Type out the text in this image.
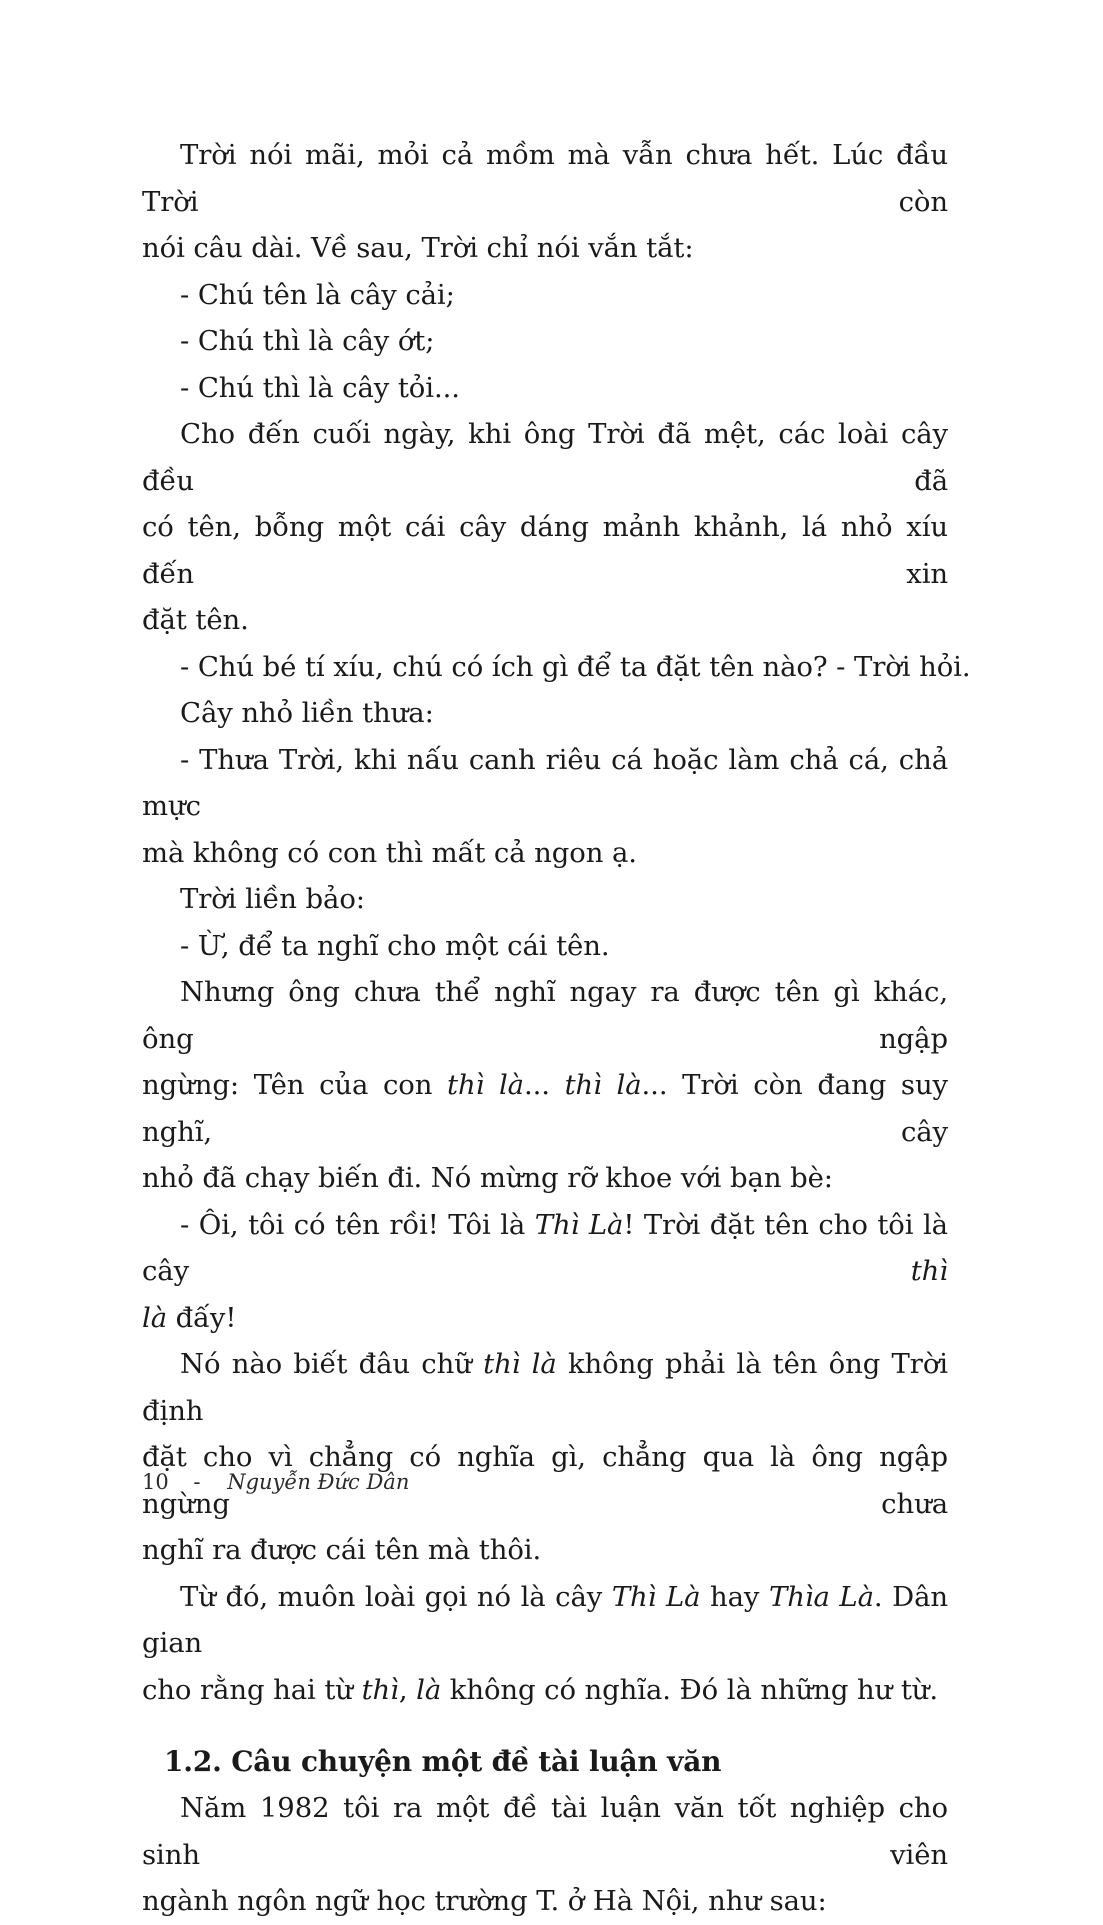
Trời nói mãi, mỏi cả mồm mà vẫn chưa hết. Lúc đầu Trời còn
nói câu dài. Về sau, Trời chỉ nói vắn tắt:

- Chú tên là cây cải;

- Chú thì là cây ớt;

- Chú thì là cây tỏi...

Cho đến cuối ngày, khi ông Trời đã mệt, các loài cây đều đã
có tên, bỗng một cái cây dáng mảnh khảnh, lá nhỏ xíu đến xin
đặt tên.

- Chú bé tí xíu, chú có ích gì để ta đặt tên nào? - Trời hỏi.

Cây nhỏ liền thưa:

- Thưa Trời, khi nấu canh riêu cá hoặc làm chả cá, chả mực
mà không có con thì mất cả ngon ạ.

Trời liền bảo:

- Ừ, để ta nghĩ cho một cái tên.

Nhưng ông chưa thể nghĩ ngay ra được tên gì khác, ông ngập
ngừng: Tên của con thì là... thì là... Trời còn đang suy nghĩ, cây
nhỏ đã chạy biến đi. Nó mừng rỡ khoe với bạn bè:

- Ôi, tôi có tên rồi! Tôi là Thì Là! Trời đặt tên cho tôi là cây thì
là đấy!

Nó nào biết đâu chữ thì là không phải là tên ông Trời định
đặt cho vì chẳng có nghĩa gì, chẳng qua là ông ngập ngừng chưa
nghĩ ra được cái tên mà thôi.

Từ đó, muôn loài gọi nó là cây Thì Là hay Thìa Là. Dân gian
cho rằng hai từ thì, là không có nghĩa. Đó là những hư từ.

1.2. Câu chuyện một đề tài luận văn

Năm 1982 tôi ra một đề tài luận văn tốt nghiệp cho sinh viên
ngành ngôn ngữ học trường T. ở Hà Nội, như sau:

10 - Nguyễn Đức Dân
